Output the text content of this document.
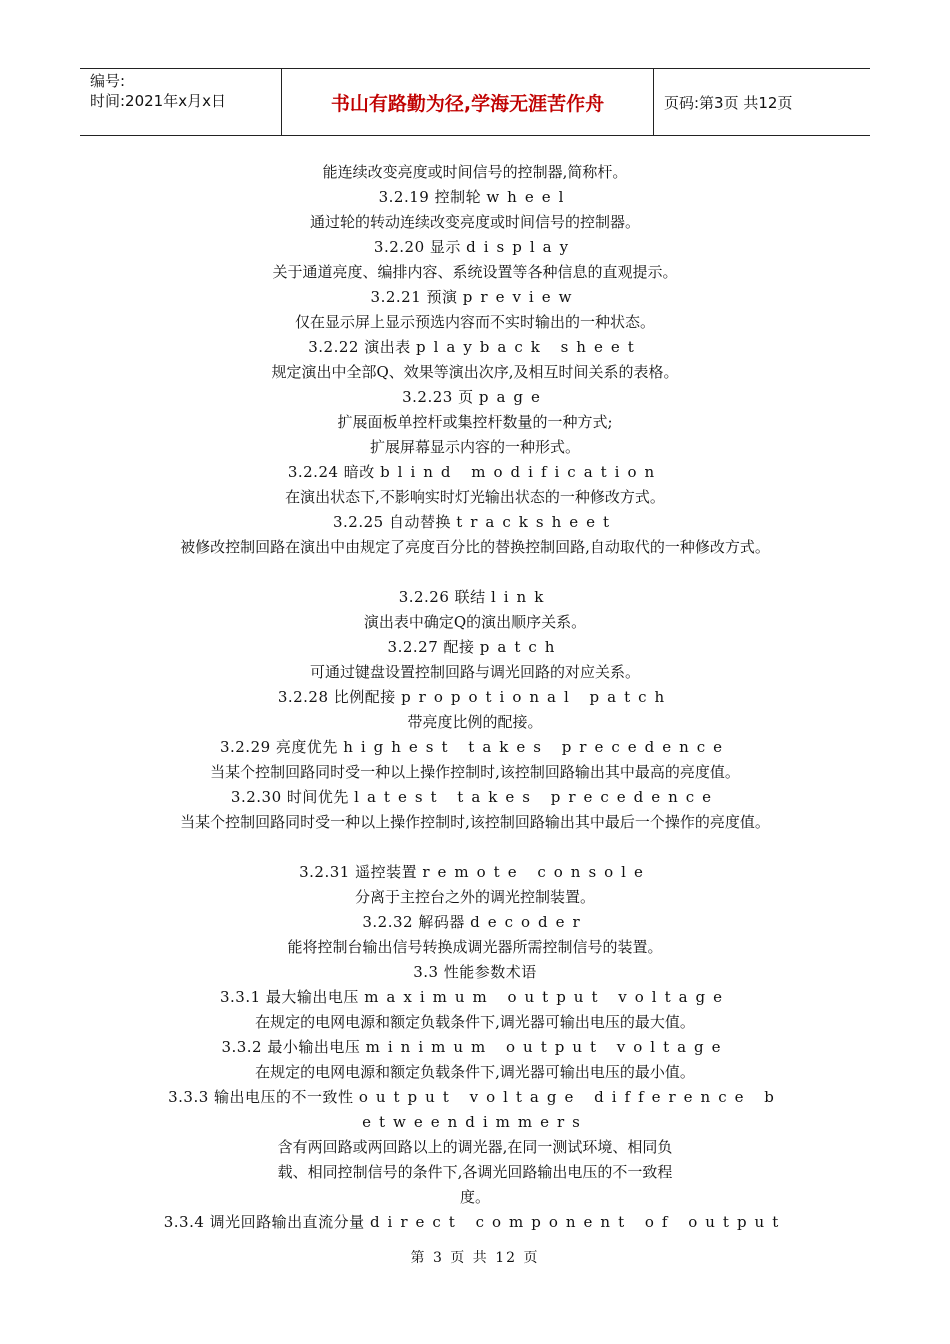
编号:
时间:2021年x月x日	书山有路勤为径,学海无涯苦作舟	页码:第3页 共12页
能连续改变亮度或时间信号的控制器,简称杆。
3.2.19 控制轮 wheel
通过轮的转动连续改变亮度或时间信号的控制器。
3.2.20 显示 display
关于通道亮度、编排内容、系统设置等各种信息的直观提示。
3.2.21 预演 preview
仅在显示屏上显示预选内容而不实时输出的一种状态。
3.2.22 演出表 playback sheet
规定演出中全部Q、效果等演出次序,及相互时间关系的表格。
3.2.23 页 page
扩展面板单控杆或集控杆数量的一种方式;
扩展屏幕显示内容的一种形式。
3.2.24 暗改 blind modification
在演出状态下,不影响实时灯光输出状态的一种修改方式。
3.2.25 自动替换 tracksheet
被修改控制回路在演出中由规定了亮度百分比的替换控制回路,自动取代的一种修改方式。
3.2.26 联结 link
演出表中确定Q的演出顺序关系。
3.2.27 配接 patch
可通过键盘设置控制回路与调光回路的对应关系。
3.2.28 比例配接 propotional patch
带亮度比例的配接。
3.2.29 亮度优先 highest takes precedence
当某个控制回路同时受一种以上操作控制时,该控制回路输出其中最高的亮度值。
3.2.30 时间优先 latest takes precedence
当某个控制回路同时受一种以上操作控制时,该控制回路输出其中最后一个操作的亮度值。
3.2.31 遥控装置 remote console
分离于主控台之外的调光控制装置。
3.2.32 解码器 decoder
能将控制台输出信号转换成调光器所需控制信号的装置。
3.3 性能参数术语
3.3.1 最大输出电压 maximum output voltage
在规定的电网电源和额定负载条件下,调光器可输出电压的最大值。
3.3.2 最小输出电压 minimum output voltage
在规定的电网电源和额定负载条件下,调光器可输出电压的最小值。
3.3.3 输出电压的不一致性 output voltage difference b
etweendimmers
含有两回路或两回路以上的调光器,在同一测试环境、相同负
载、相同控制信号的条件下,各调光回路输出电压的不一致程
度。
3.3.4 调光回路输出直流分量 direct component of output
第 3 页 共 12 页
